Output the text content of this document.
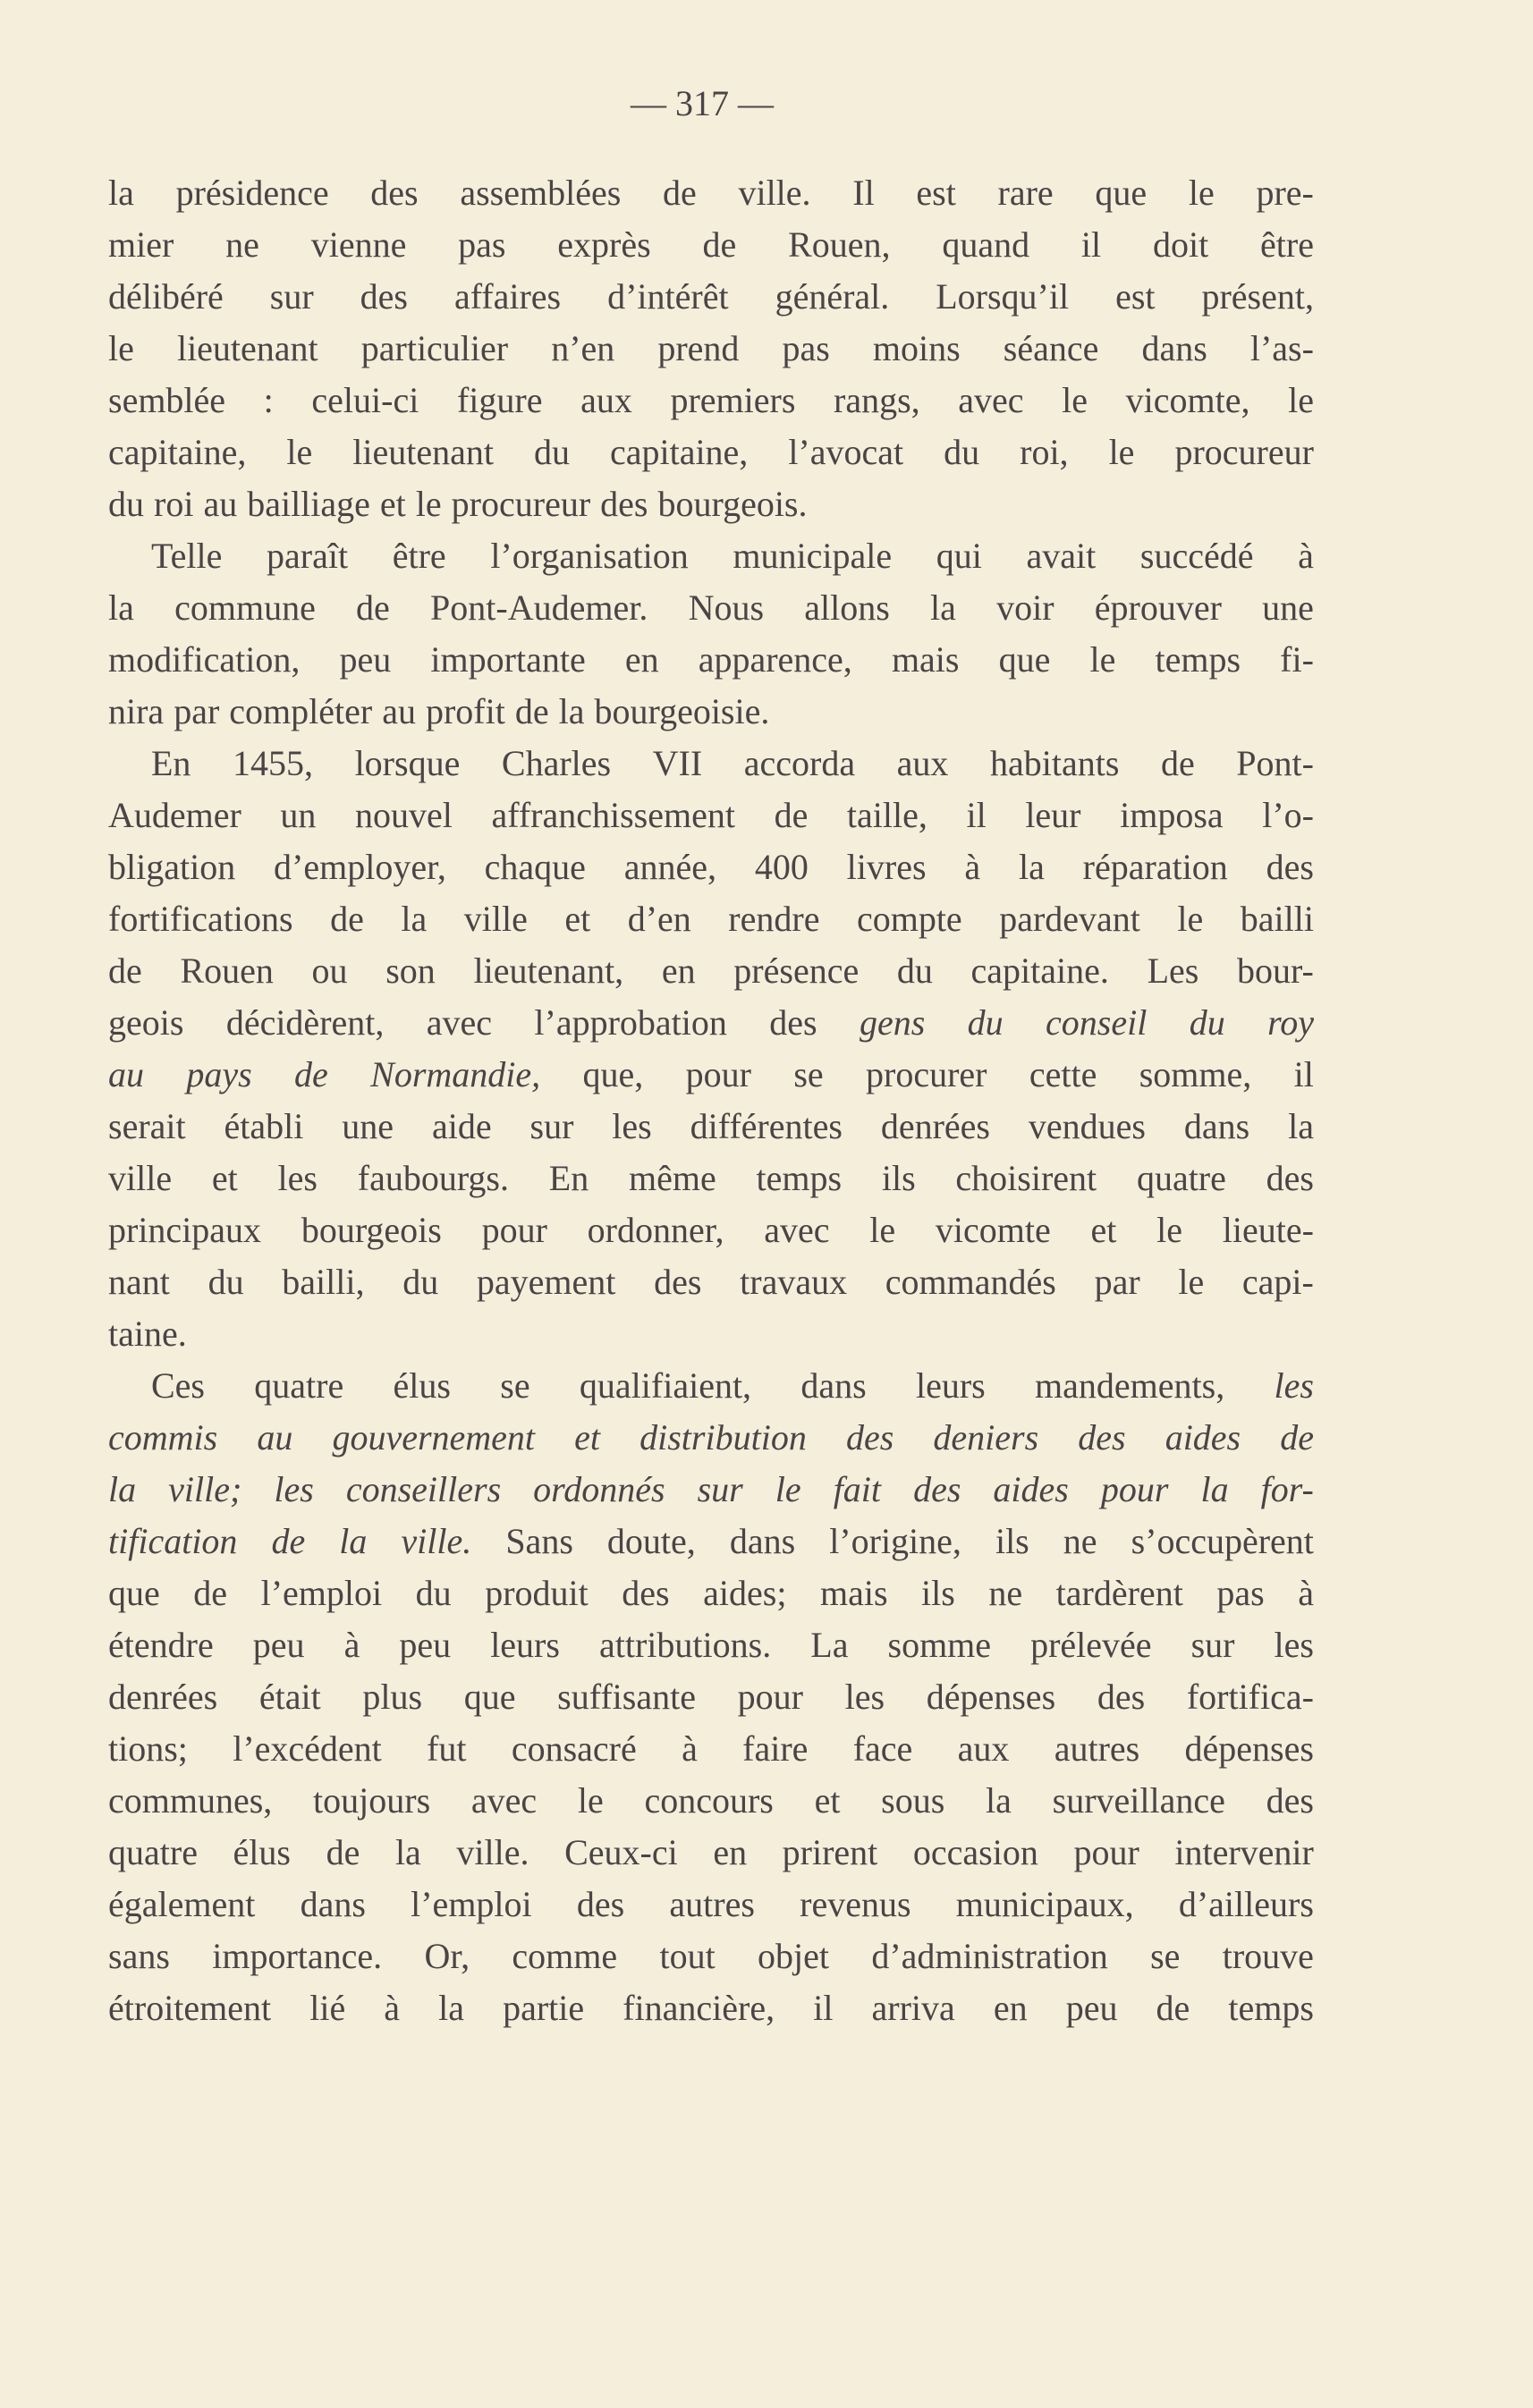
— 317 —
la présidence des assemblées de ville. Il est rare que le pre-
mier ne vienne pas exprès de Rouen, quand il doit être
délibéré sur des affaires d’intérêt général. Lorsqu’il est présent,
le lieutenant particulier n’en prend pas moins séance dans l’as-
semblée : celui-ci figure aux premiers rangs, avec le vicomte, le
capitaine, le lieutenant du capitaine, l’avocat du roi, le procureur
du roi au bailliage et le procureur des bourgeois.
Telle paraît être l’organisation municipale qui avait succédé à
la commune de Pont-Audemer. Nous allons la voir éprouver une
modification, peu importante en apparence, mais que le temps fi-
nira par compléter au profit de la bourgeoisie.
En 1455, lorsque Charles VII accorda aux habitants de Pont-
Audemer un nouvel affranchissement de taille, il leur imposa l’o-
bligation d’employer, chaque année, 400 livres à la réparation des
fortifications de la ville et d’en rendre compte pardevant le bailli
de Rouen ou son lieutenant, en présence du capitaine. Les bour-
geois décidèrent, avec l’approbation des gens du conseil du roy
au pays de Normandie, que, pour se procurer cette somme, il
serait établi une aide sur les différentes denrées vendues dans la
ville et les faubourgs. En même temps ils choisirent quatre des
principaux bourgeois pour ordonner, avec le vicomte et le lieute-
nant du bailli, du payement des travaux commandés par le capi-
taine.
Ces quatre élus se qualifiaient, dans leurs mandements, les
commis au gouvernement et distribution des deniers des aides de
la ville; les conseillers ordonnés sur le fait des aides pour la for-
tification de la ville. Sans doute, dans l’origine, ils ne s’occupèrent
que de l’emploi du produit des aides; mais ils ne tardèrent pas à
étendre peu à peu leurs attributions. La somme prélevée sur les
denrées était plus que suffisante pour les dépenses des fortifica-
tions; l’excédent fut consacré à faire face aux autres dépenses
communes, toujours avec le concours et sous la surveillance des
quatre élus de la ville. Ceux-ci en prirent occasion pour intervenir
également dans l’emploi des autres revenus municipaux, d’ailleurs
sans importance. Or, comme tout objet d’administration se trouve
étroitement lié à la partie financière, il arriva en peu de temps
